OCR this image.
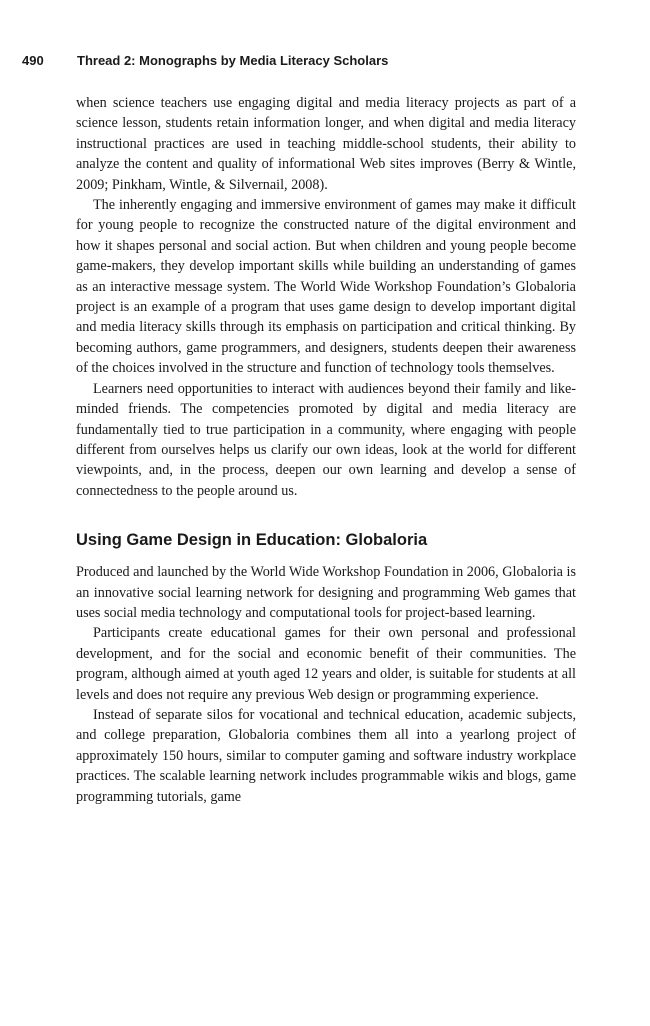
490	Thread 2: Monographs by Media Literacy Scholars

when science teachers use engaging digital and media literacy projects as part of a science lesson, students retain information longer, and when digital and media literacy instructional practices are used in teaching middle-school students, their ability to analyze the content and quality of informational Web sites improves (Berry & Wintle, 2009; Pinkham, Wintle, & Silvernail, 2008).

The inherently engaging and immersive environment of games may make it difficult for young people to recognize the constructed nature of the digital environment and how it shapes personal and social action. But when children and young people become game-makers, they develop important skills while building an understanding of games as an interactive message system. The World Wide Workshop Foundation’s Globaloria project is an example of a program that uses game design to develop important digital and media literacy skills through its emphasis on participation and critical thinking. By becoming authors, game programmers, and designers, students deepen their awareness of the choices involved in the structure and function of technology tools themselves.

Learners need opportunities to interact with audiences beyond their family and like-minded friends. The competencies promoted by digital and media literacy are fundamentally tied to true participation in a community, where engaging with people different from ourselves helps us clarify our own ideas, look at the world for different viewpoints, and, in the process, deepen our own learning and develop a sense of connectedness to the people around us.

Using Game Design in Education: Globaloria

Produced and launched by the World Wide Workshop Foundation in 2006, Globaloria is an innovative social learning network for designing and programming Web games that uses social media technology and computational tools for project-based learning.

Participants create educational games for their own personal and professional development, and for the social and economic benefit of their communities. The program, although aimed at youth aged 12 years and older, is suitable for students at all levels and does not require any previous Web design or programming experience.

Instead of separate silos for vocational and technical education, academic subjects, and college preparation, Globaloria combines them all into a yearlong project of approximately 150 hours, similar to computer gaming and software industry workplace practices. The scalable learning network includes programmable wikis and blogs, game programming tutorials, game
